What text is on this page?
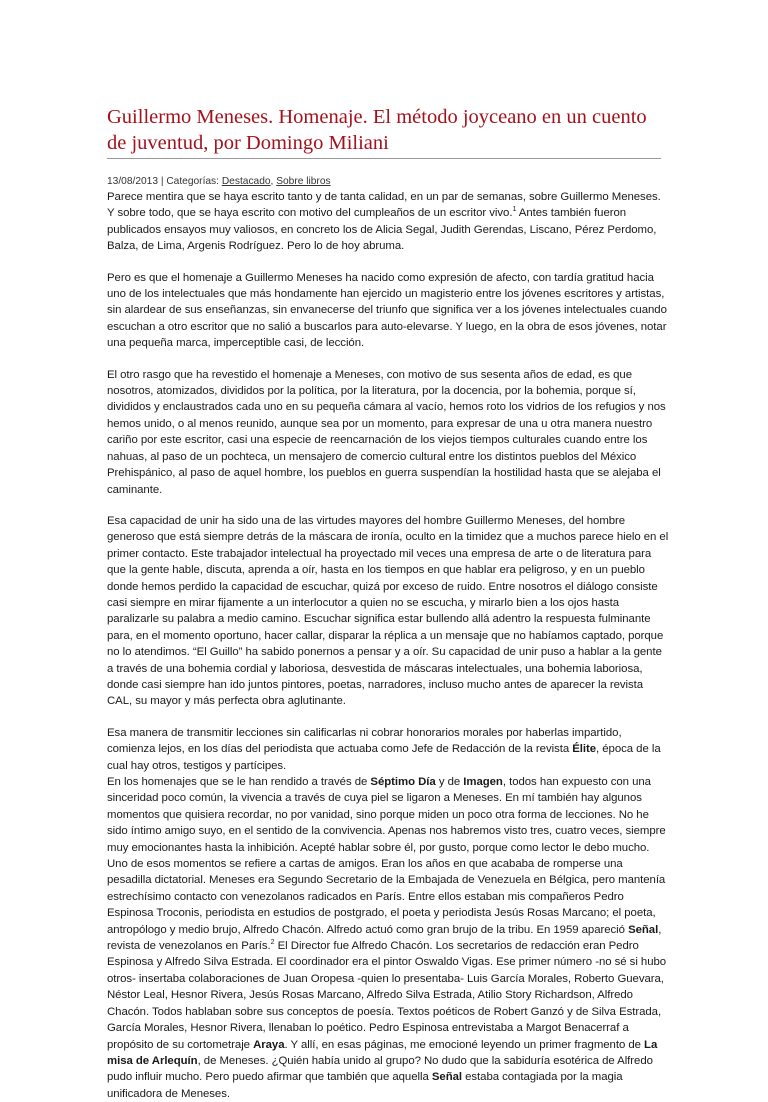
Guillermo Meneses. Homenaje. El método joyceano en un cuento de juventud, por Domingo Miliani
13/08/2013 | Categorías: Destacado, Sobre libros

Parece mentira que se haya escrito tanto y de tanta calidad, en un par de semanas, sobre Guillermo Meneses. Y sobre todo, que se haya escrito con motivo del cumpleaños de un escritor vivo.$^1$ Antes también fueron publicados ensayos muy valiosos, en concreto los de Alicia Segal, Judith Gerendas, Liscano, Pérez Perdomo, Balza, de Lima, Argenis Rodríguez. Pero lo de hoy abruma.

Pero es que el homenaje a Guillermo Meneses ha nacido como expresión de afecto, con tardía gratitud hacia uno de los intelectuales que más hondamente han ejercido un magisterio entre los jóvenes escritores y artistas, sin alardear de sus enseñanzas, sin envanecerse del triunfo que significa ver a los jóvenes intelectuales cuando escuchan a otro escritor que no salió a buscarlos para auto-elevarse. Y luego, en la obra de esos jóvenes, notar una pequeña marca, imperceptible casi, de lección.

El otro rasgo que ha revestido el homenaje a Meneses, con motivo de sus sesenta años de edad, es que nosotros, atomizados, divididos por la política, por la literatura, por la docencia, por la bohemia, porque sí, divididos y enclaustrados cada uno en su pequeña cámara al vacío, hemos roto los vidrios de los refugios y nos hemos unido, o al menos reunido, aunque sea por un momento, para expresar de una u otra manera nuestro cariño por este escritor, casi una especie de reencarnación de los viejos tiempos culturales cuando entre los nahuas, al paso de un pochteca, un mensajero de comercio cultural entre los distintos pueblos del México Prehispánico, al paso de aquel hombre, los pueblos en guerra suspendían la hostilidad hasta que se alejaba el caminante.

Esa capacidad de unir ha sido una de las virtudes mayores del hombre Guillermo Meneses, del hombre generoso que está siempre detrás de la máscara de ironía, oculto en la timidez que a muchos parece hielo en el primer contacto. Este trabajador intelectual ha proyectado mil veces una empresa de arte o de literatura para que la gente hable, discuta, aprenda a oír, hasta en los tiempos en que hablar era peligroso, y en un pueblo donde hemos perdido la capacidad de escuchar, quizá por exceso de ruido. Entre nosotros el diálogo consiste casi siempre en mirar fijamente a un interlocutor a quien no se escucha, y mirarlo bien a los ojos hasta paralizarle su palabra a medio camino. Escuchar significa estar bullendo allá adentro la respuesta fulminante para, en el momento oportuno, hacer callar, disparar la réplica a un mensaje que no habíamos captado, porque no lo atendimos. “El Guillo” ha sabido ponernos a pensar y a oír. Su capacidad de unir puso a hablar a la gente a través de una bohemia cordial y laboriosa, desvestida de máscaras intelectuales, una bohemia laboriosa, donde casi siempre han ido juntos pintores, poetas, narradores, incluso mucho antes de aparecer la revista CAL, su mayor y más perfecta obra aglutinante.

Esa manera de transmitir lecciones sin calificarlas ni cobrar honorarios morales por haberlas impartido, comienza lejos, en los días del periodista que actuaba como Jefe de Redacción de la revista Élite, época de la cual hay otros, testigos y partícipes.

En los homenajes que se le han rendido a través de Séptimo Día y de Imagen, todos han expuesto con una sinceridad poco común, la vivencia a través de cuya piel se ligaron a Meneses. En mí también hay algunos momentos que quisiera recordar, no por vanidad, sino porque miden un poco otra forma de lecciones. No he sido íntimo amigo suyo, en el sentido de la convivencia. Apenas nos habremos visto tres, cuatro veces, siempre muy emocionantes hasta la inhibición. Acepté hablar sobre él, por gusto, porque como lector le debo mucho. Uno de esos momentos se refiere a cartas de amigos. Eran los años en que acababa de romperse una pesadilla dictatorial. Meneses era Segundo Secretario de la Embajada de Venezuela en Bélgica, pero mantenía estrechísimo contacto con venezolanos radicados en París. Entre ellos estaban mis compañeros Pedro Espinosa Troconis, periodista en estudios de postgrado, el poeta y periodista Jesús Rosas Marcano; el poeta, antropólogo y medio brujo, Alfredo Chacón. Alfredo actuó como gran brujo de la tribu. En 1959 apareció Señal, revista de venezolanos en París.$^2$ El Director fue Alfredo Chacón. Los secretarios de redacción eran Pedro Espinosa y Alfredo Silva Estrada. El coordinador era el pintor Oswaldo Vigas. Ese primer número -no sé si hubo otros- insertaba colaboraciones de Juan Oropesa -quien lo presentaba- Luis García Morales, Roberto Guevara, Néstor Leal, Hesnor Rivera, Jesús Rosas Marcano, Alfredo Silva Estrada, Atilio Story Richardson, Alfredo Chacón. Todos hablaban sobre sus conceptos de poesía. Textos poéticos de Robert Ganzó y de Silva Estrada, García Morales, Hesnor Rivera, llenaban lo poético. Pedro Espinosa entrevistaba a Margot Benacerraf a propósito de su cortometraje Araya. Y allí, en esas páginas, me emocioné leyendo un primer fragmento de La misa de Arlequín, de Meneses. ¿Quién había unido al grupo? No dudo que la sabiduría esotérica de Alfredo pudo influir mucho. Pero puedo afirmar que también que aquella Señal estaba contagiada por la magia unificadora de Meneses.
